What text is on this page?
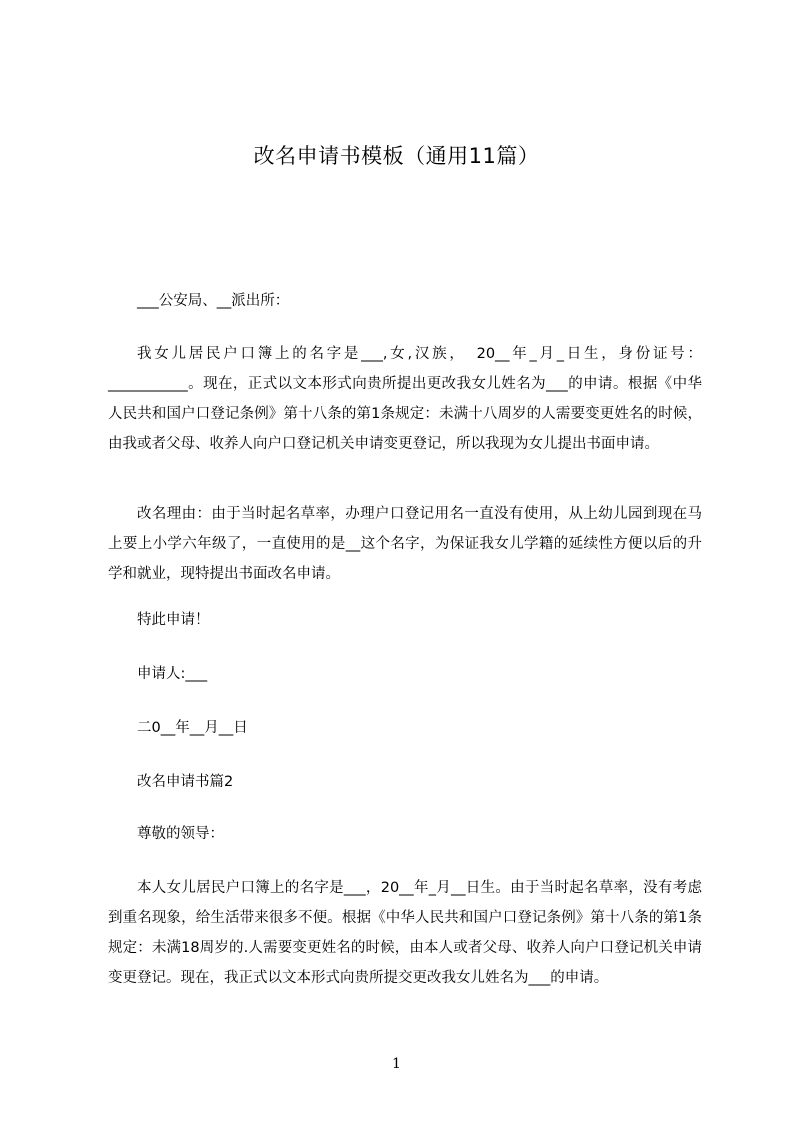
改名申请书模板（通用11篇）
___公安局、__派出所：

我女儿居民户口簿上的名字是___,女,汉族，　20__年_月_日生，身份证号：___________。现在，正式以文本形式向贵所提出更改我女儿姓名为___的申请。根据《中华人民共和国户口登记条例》第十八条的第1条规定：未满十八周岁的人需要变更姓名的时候，由我或者父母、收养人向户口登记机关申请变更登记，所以我现为女儿提出书面申请。

改名理由：由于当时起名草率，办理户口登记用名一直没有使用，从上幼儿园到现在马上要上小学六年级了，一直使用的是__这个名字，为保证我女儿学籍的延续性方便以后的升学和就业，现特提出书面改名申请。

特此申请！
申请人:___
二0__年__月__日
改名申请书篇2
尊敬的领导：

本人女儿居民户口簿上的名字是___，20__年_月__日生。由于当时起名草率，没有考虑到重名现象，给生活带来很多不便。根据《中华人民共和国户口登记条例》第十八条的第1条规定：未满18周岁的.人需要变更姓名的时候，由本人或者父母、收养人向户口登记机关申请变更登记。现在，我正式以文本形式向贵所提交更改我女儿姓名为___的申请。

1
